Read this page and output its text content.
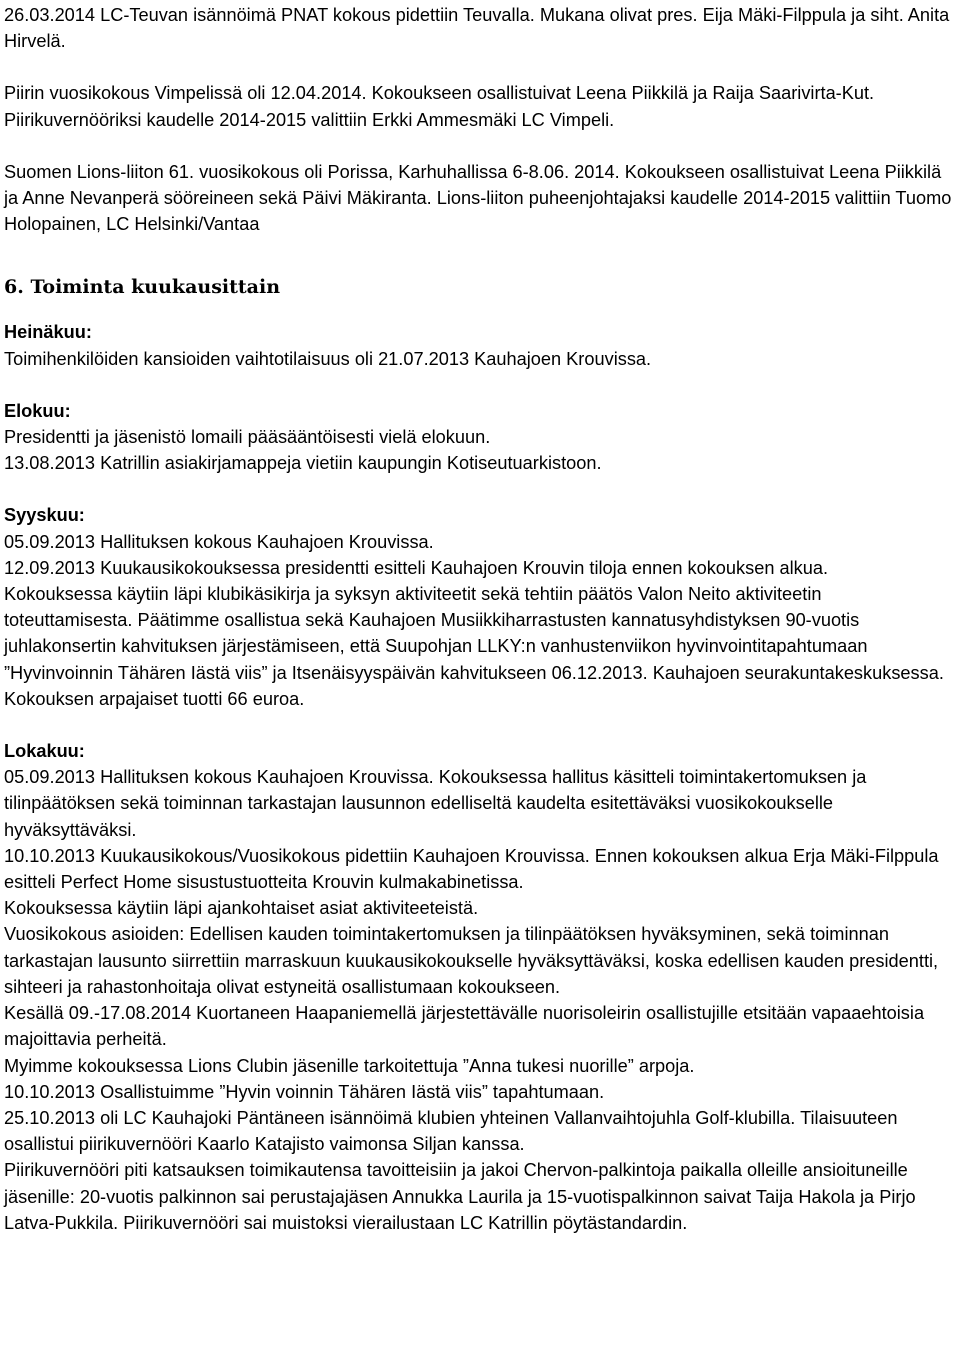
26.03.2014 LC-Teuvan isännöimä PNAT kokous pidettiin Teuvalla. Mukana olivat pres. Eija Mäki-Filppula ja siht. Anita Hirvelä.

Piirin vuosikokous Vimpelissä oli 12.04.2014. Kokoukseen osallistuivat Leena Piikkilä ja Raija Saarivirta-Kut. Piirikuvernööriksi kaudelle 2014-2015 valittiin Erkki Ammesmäki LC Vimpeli.

Suomen Lions-liiton 61. vuosikokous oli Porissa, Karhuhallissa 6-8.06. 2014. Kokoukseen osallistuivat Leena Piikkilä ja Anne Nevanperä sööreineen sekä Päivi Mäkiranta. Lions-liiton puheenjohtajaksi kaudelle 2014-2015 valittiin Tuomo Holopainen, LC Helsinki/Vantaa

6. Toiminta kuukausittain

Heinäkuu:

Toimihenkilöiden kansioiden vaihtotilaisuus oli 21.07.2013 Kauhajoen Krouvissa.

Elokuu:

Presidentti ja jäsenistö lomaili pääsääntöisesti vielä elokuun.

13.08.2013 Katrillin asiakirjamappeja vietiin kaupungin Kotiseutuarkistoon.

Syyskuu:

05.09.2013 Hallituksen kokous Kauhajoen Krouvissa.

12.09.2013 Kuukausikokouksessa presidentti esitteli Kauhajoen Krouvin tiloja ennen kokouksen alkua.

Kokouksessa käytiin läpi klubikäsikirja ja syksyn aktiviteetit sekä tehtiin päätös Valon Neito aktiviteetin toteuttamisesta. Päätimme osallistua sekä Kauhajoen Musiikkiharrastusten kannatusyhdistyksen 90-vuotis juhlakonsertin kahvituksen järjestämiseen, että Suupohjan LLKY:n vanhustenviikon hyvinvointitapahtumaan ”Hyvinvoinnin Tähären Iästä viis” ja Itsenäisyyspäivän kahvitukseen 06.12.2013. Kauhajoen seurakuntakeskuksessa.

Kokouksen arpajaiset tuotti 66 euroa.

Lokakuu:

05.09.2013 Hallituksen kokous Kauhajoen Krouvissa. Kokouksessa hallitus käsitteli toimintakertomuksen ja tilinpäätöksen sekä toiminnan tarkastajan lausunnon edelliseltä kaudelta esitettäväksi vuosikokoukselle hyväksyttäväksi.

10.10.2013 Kuukausikokous/Vuosikokous pidettiin Kauhajoen Krouvissa. Ennen kokouksen alkua Erja Mäki-Filppula esitteli Perfect Home sisustustuotteita Krouvin kulmakabinetissa.

Kokouksessa käytiin läpi ajankohtaiset asiat aktiviteeteistä.

Vuosikokous asioiden: Edellisen kauden toimintakertomuksen ja tilinpäätöksen hyväksyminen, sekä toiminnan tarkastajan lausunto siirrettiin marraskuun kuukausikokoukselle hyväksyttäväksi, koska edellisen kauden presidentti, sihteeri ja rahastonhoitaja olivat estyneitä osallistumaan kokoukseen.

Kesällä 09.-17.08.2014 Kuortaneen Haapaniemellä järjestettävälle nuorisoleirin osallistujille etsitään vapaaehtoisia majoittavia perheitä.

Myimme kokouksessa Lions Clubin jäsenille tarkoitettuja ”Anna tukesi nuorille” arpoja.

10.10.2013 Osallistuimme ”Hyvin voinnin Tähären Iästä viis” tapahtumaan.

25.10.2013 oli LC Kauhajoki Päntäneen isännöimä klubien yhteinen Vallanvaihtojuhla Golf-klubilla. Tilaisuuteen osallistui piirikuvernööri Kaarlo Katajisto vaimonsa Siljan kanssa.

Piirikuvernööri piti katsauksen toimikautensa tavoitteisiin ja jakoi Chervon-palkintoja paikalla olleille ansioituneille jäsenille: 20-vuotis palkinnon sai perustajajäsen Annukka Laurila ja 15-vuotispalkinnon saivat Taija Hakola ja Pirjo Latva-Pukkila. Piirikuvernööri sai muistoksi vierailustaan LC Katrillin pöytästandardin.
